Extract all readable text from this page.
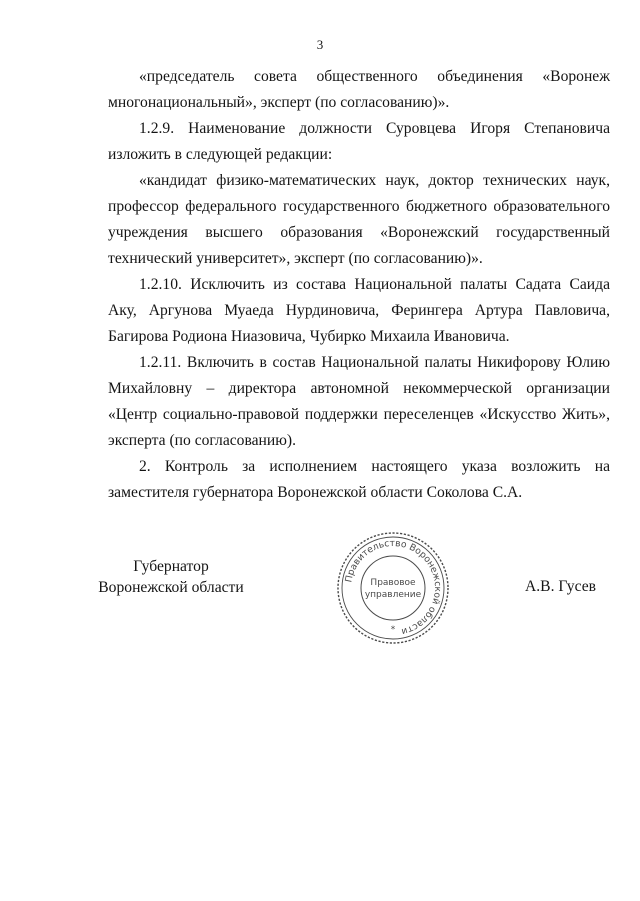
3

«председатель совета общественного объединения «Воронеж многонациональный», эксперт (по согласованию)».

1.2.9. Наименование должности Суровцева Игоря Степановича изложить в следующей редакции:

«кандидат физико-математических наук, доктор технических наук, профессор федерального государственного бюджетного образовательного учреждения высшего образования «Воронежский государственный технический университет», эксперт (по согласованию)».

1.2.10. Исключить из состава Национальной палаты Садата Саида Аку, Аргунова Муаеда Нурдиновича, Ферингера Артура Павловича, Багирова Родиона Ниазовича, Чубирко Михаила Ивановича.

1.2.11. Включить в состав Национальной палаты Никифорову Юлию Михайловну – директора автономной некоммерческой организации «Центр социально-правовой поддержки переселенцев «Искусство Жить», эксперта (по согласованию).

2. Контроль за исполнением настоящего указа возложить на заместителя губернатора Воронежской области Соколова С.А.

Губернатор
Воронежской области
Правительство Воронежской области
Правовое
управление
*
А.В. Гусев
